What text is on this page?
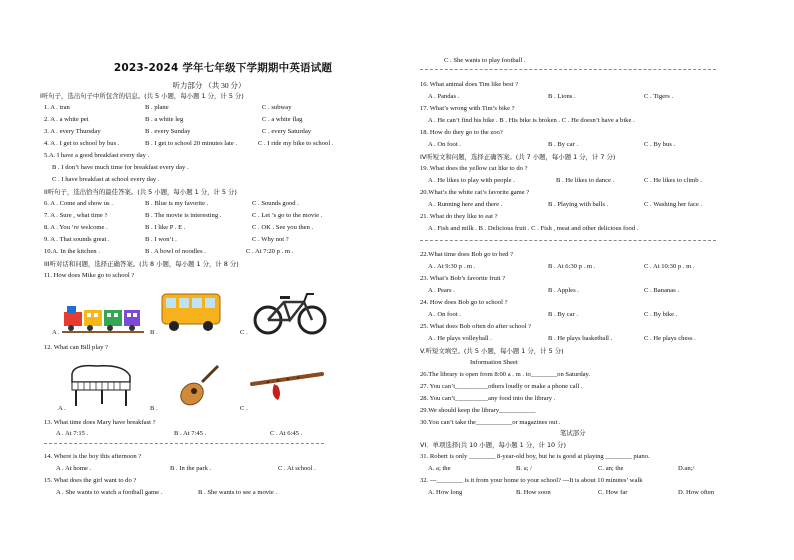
2023-2024 学年七年级下学期期中英语试题
听力部分 （共 30 分）
I听句子，选出句子中所包含的信息。(共 5 小题，每小题 1 分，计 5 分)
1. A . tran	B . plane	C . subway
2. A . a white pet	B . a white leg	C . a white flag
3. A . every Thursday	B . every Sunday	C . every Saturday
4. A . I get to school by bus .	B . I get to school 20 minutes late .	C . I ride my bike to school .
5.A. I have a good breakfast every day .
B . I don’t have much time for breakfast every day .
C . I have breakfast at school every day .
II听句子，选出恰当的最佳答案。(共 5 小题，每小题 1 分，计 5 分)
6. A . Come and show us .	B . Blue is my favorite .	C . Sounds good .
7. A . Sure , what time ?	B . The movie is interesting .	C . Let ’s go to the movie .
8. A . You ’re welcome .	B . I like P . E .	C . OK . See you then .
9. A . That sounds great .	B . I won’t .	C . Why not ?
10.A. In the kitchen .	B . A bowl of noodles .	C . At 7:20 p . m .
III听对话和问题，选择正确答案。(共 8 小题，每小题 1 分，计 8 分)
11. How does Mike go to school ?
A .	B .	C .
12. What can Bill play ?
A .	B .	C .
13. What time does Mary have breakfast ?
A . At 7:15 .	B . At 7:45 .	C . At 6:45 .
14. Where is the boy this afternoon ?
A . At home .	B . In the park .	C . At school .
15. What does the girl want to do ?
A . She wants to watch a football game .	B . She wants to see a movie .
C . She wants to play football .
16. What animal does Tim like best ?
A . Pandas .	B . Lions .	C . Tigers .
17. What’s wrong with Tim’s bike ?
A . He can’t find his bike . B . His bike is broken . C . He doesn’t have a bike .
18. How do they go to the zoo?
A . On foot .	B . By car .	C . By bus .
IV听短文和问题，选择正确答案。(共 7 小题，每小题 1 分，计 7 分)
19. What does the yellow cat like to do ?
A . He likes to play with people .	B . He likes to dance .	C . He likes to climb .
20.What’s the white cat’s favorite game ?
A . Running here and there .	B . Playing with balls .	C . Washing her face .
21. What do they like to eat ?
A . Fish and milk . B . Delicious fruit . C . Fish , meat and other delicious food .
22.What time does Bob go to bed ?
A . At 9:30 p . m .	B . At 6:30 p . m .	C . At 10:30 p . m .
23. What’s Bob’s favorite fruit ?
A . Pears .	B . Apples .	C . Bananas .
24. How does Bob go to school ?
A . On foot .	B . By car .	C . By bike .
25. What does Bob often do after school ?
A . He plays volleyball .	B . He plays basketball .	C . He plays chess .
V.听短文填空。(共 5 小题，每小题 1 分，计 5 分)
Information Sheet
26.The library is open from 8:00 a . m . to________on Saturday.
27. You can’t__________others loudly or make a phone call .
28. You can’t__________any food into the library .
29.We should keep the library___________
30.You can’t take the___________or magazines out .
笔试部分
VI．单项选择(共 10 小题，每小题 1 分，计 10 分)
31. Robert is only ________ 8-year-old boy, but he is good at playing ________ piano.
A. a; the	B. a; /	C. an; the	D.an;/
32. ---________ is it from your home to your school? ---It is about 10 minutes’ walk
A. How long	B. How soon	C. How far	D. How often
